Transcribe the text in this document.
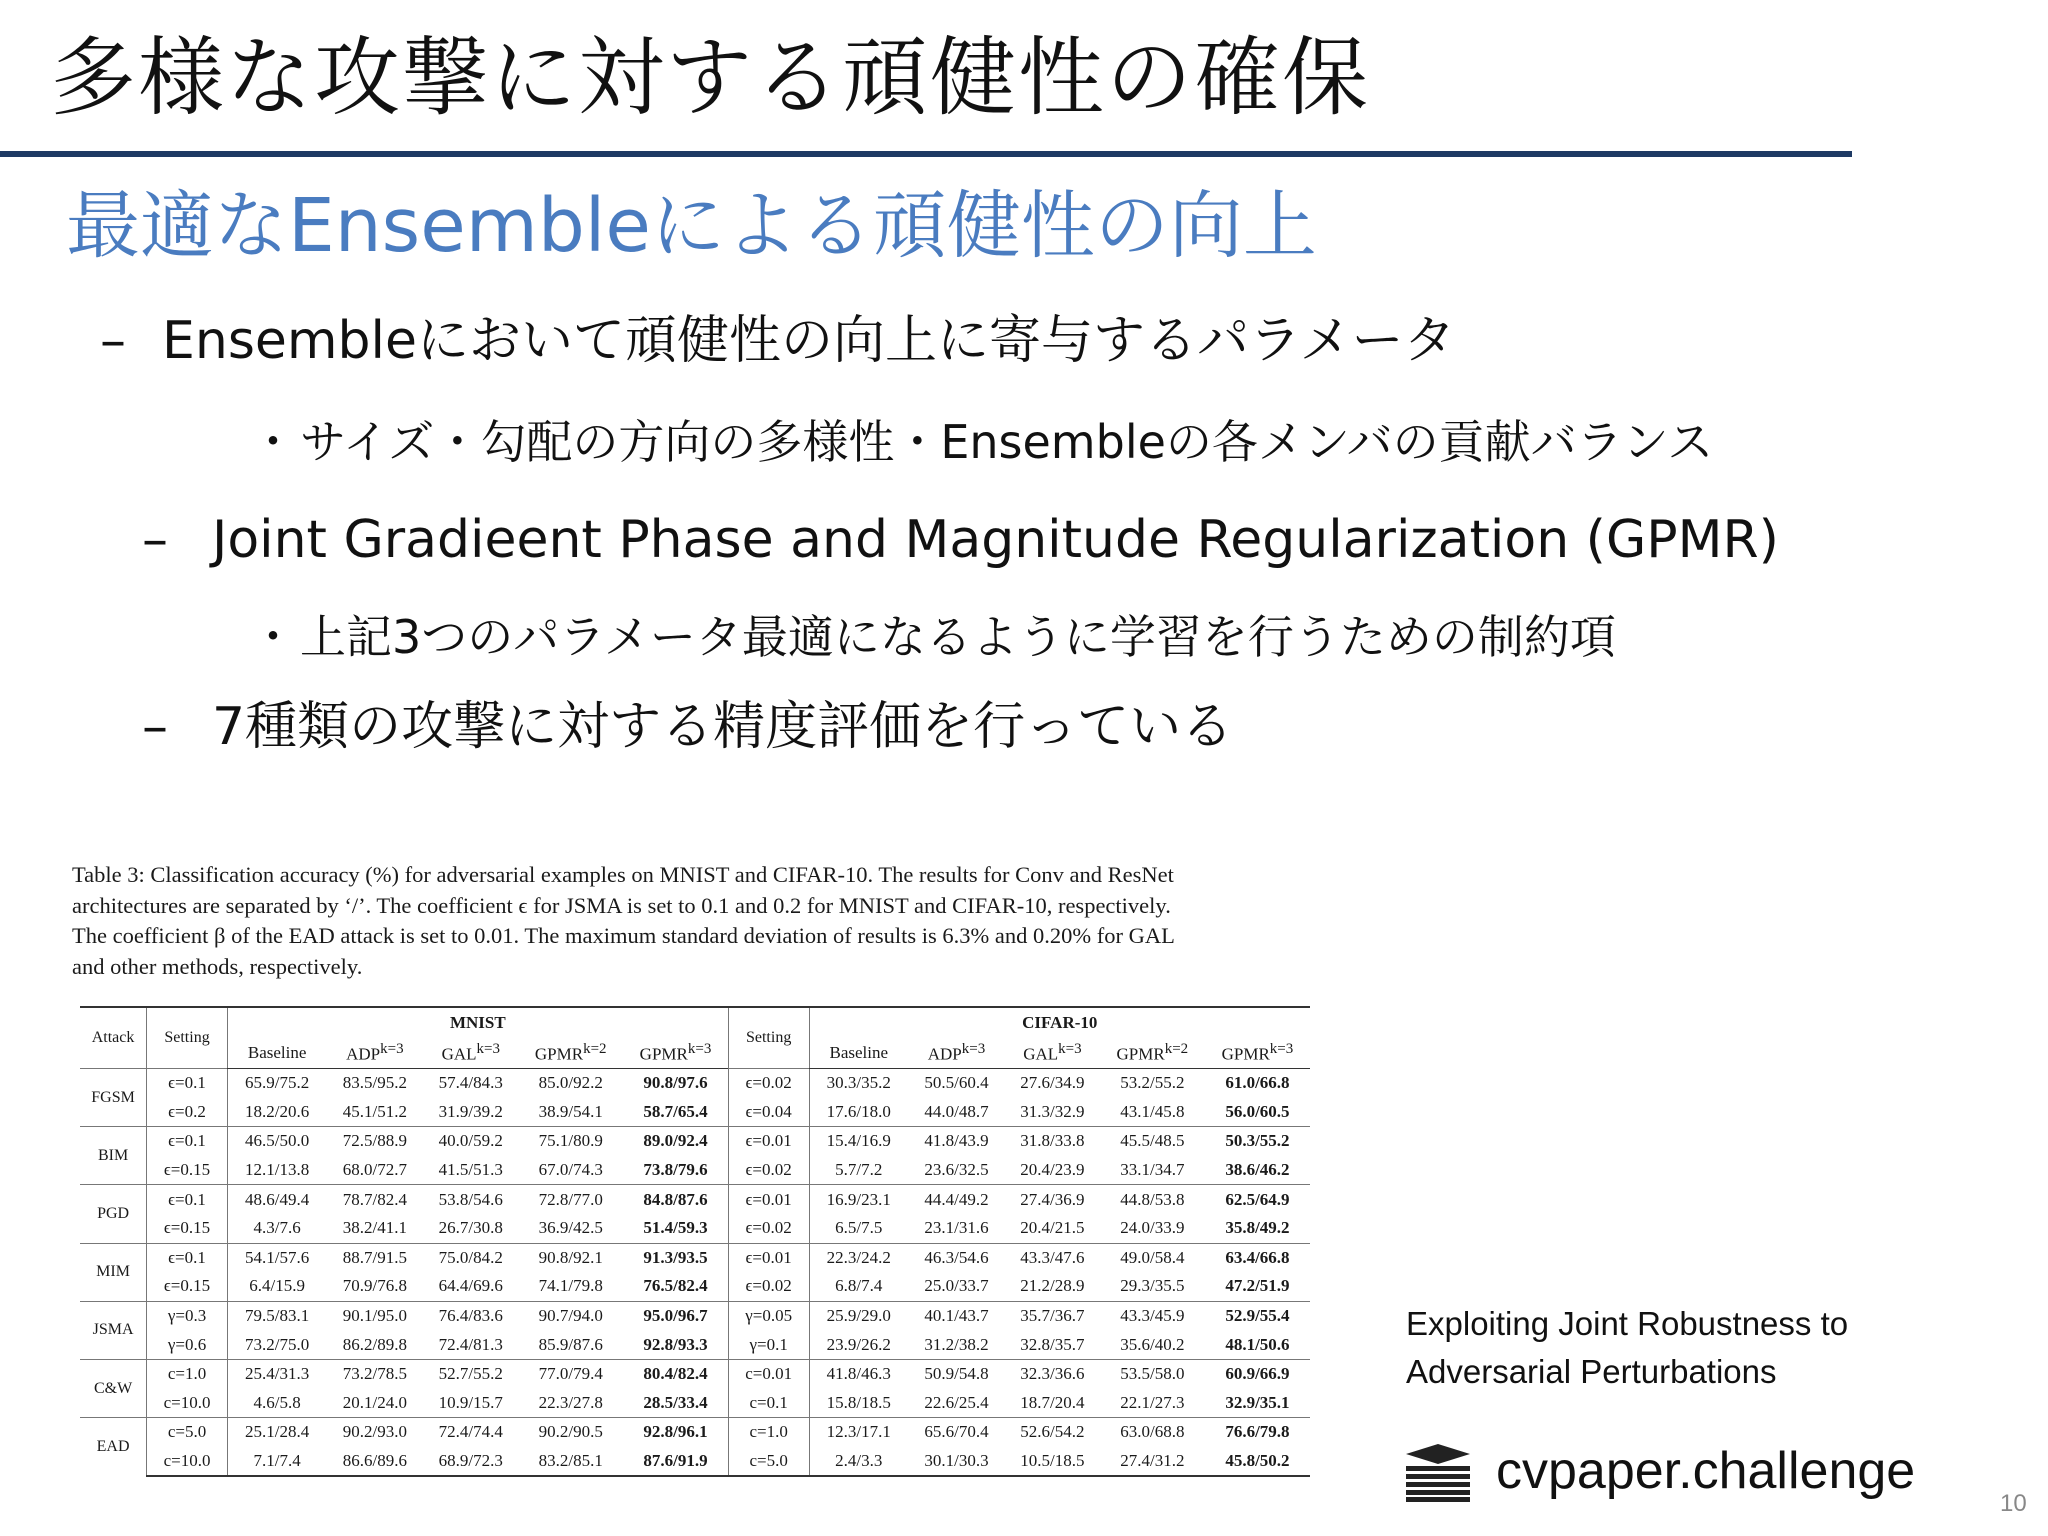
多様な攻撃に対する頑健性の確保
最適なEnsembleによる頑健性の向上
– Ensembleにおいて頑健性の向上に寄与するパラメータ
・サイズ・勾配の方向の多様性・Ensembleの各メンバの貢献バランス
– Joint Gradieent Phase and Magnitude Regularization (GPMR)
・上記3つのパラメータ最適になるように学習を行うための制約項
– 7種類の攻撃に対する精度評価を行っている

Table 3: Classification accuracy (%) for adversarial examples on MNIST and CIFAR-10. The results for Conv and ResNet

architectures are separated by ‘/’. The coefficient ϵ for JSMA is set to 0.1 and 0.2 for MNIST and CIFAR-10, respectively.

The coefficient β of the EAD attack is set to 0.01. The maximum standard deviation of results is 6.3% and 0.20% for GAL

and other methods, respectively.

Attack	Setting	MNIST					Setting	CIFAR-10				
		Baseline	$ADP^{k=3}$	$GAL^{k=3}$	$GPMR^{k=2}$	$GPMR^{k=3}$		Baseline	$ADP^{k=3}$	$GAL^{k=3}$	$GPMR^{k=2}$	$GPMR^{k=3}$
FGSM	ϵ=0.1	65.9/75.2	83.5/95.2	57.4/84.3	85.0/92.2	90.8/97.6	ϵ=0.02	30.3/35.2	50.5/60.4	27.6/34.9	53.2/55.2	61.0/66.8
	ϵ=0.2	18.2/20.6	45.1/51.2	31.9/39.2	38.9/54.1	58.7/65.4	ϵ=0.04	17.6/18.0	44.0/48.7	31.3/32.9	43.1/45.8	56.0/60.5
BIM	ϵ=0.1	46.5/50.0	72.5/88.9	40.0/59.2	75.1/80.9	89.0/92.4	ϵ=0.01	15.4/16.9	41.8/43.9	31.8/33.8	45.5/48.5	50.3/55.2
	ϵ=0.15	12.1/13.8	68.0/72.7	41.5/51.3	67.0/74.3	73.8/79.6	ϵ=0.02	5.7/7.2	23.6/32.5	20.4/23.9	33.1/34.7	38.6/46.2
PGD	ϵ=0.1	48.6/49.4	78.7/82.4	53.8/54.6	72.8/77.0	84.8/87.6	ϵ=0.01	16.9/23.1	44.4/49.2	27.4/36.9	44.8/53.8	62.5/64.9
	ϵ=0.15	4.3/7.6	38.2/41.1	26.7/30.8	36.9/42.5	51.4/59.3	ϵ=0.02	6.5/7.5	23.1/31.6	20.4/21.5	24.0/33.9	35.8/49.2
MIM	ϵ=0.1	54.1/57.6	88.7/91.5	75.0/84.2	90.8/92.1	91.3/93.5	ϵ=0.01	22.3/24.2	46.3/54.6	43.3/47.6	49.0/58.4	63.4/66.8
	ϵ=0.15	6.4/15.9	70.9/76.8	64.4/69.6	74.1/79.8	76.5/82.4	ϵ=0.02	6.8/7.4	25.0/33.7	21.2/28.9	29.3/35.5	47.2/51.9
JSMA	γ=0.3	79.5/83.1	90.1/95.0	76.4/83.6	90.7/94.0	95.0/96.7	γ=0.05	25.9/29.0	40.1/43.7	35.7/36.7	43.3/45.9	52.9/55.4
	γ=0.6	73.2/75.0	86.2/89.8	72.4/81.3	85.9/87.6	92.8/93.3	γ=0.1	23.9/26.2	31.2/38.2	32.8/35.7	35.6/40.2	48.1/50.6
C&W	c=1.0	25.4/31.3	73.2/78.5	52.7/55.2	77.0/79.4	80.4/82.4	c=0.01	41.8/46.3	50.9/54.8	32.3/36.6	53.5/58.0	60.9/66.9
	c=10.0	4.6/5.8	20.1/24.0	10.9/15.7	22.3/27.8	28.5/33.4	c=0.1	15.8/18.5	22.6/25.4	18.7/20.4	22.1/27.3	32.9/35.1
EAD	c=5.0	25.1/28.4	90.2/93.0	72.4/74.4	90.2/90.5	92.8/96.1	c=1.0	12.3/17.1	65.6/70.4	52.6/54.2	63.0/68.8	76.6/79.8
	c=10.0	7.1/7.4	86.6/89.6	68.9/72.3	83.2/85.1	87.6/91.9	c=5.0	2.4/3.3	30.1/30.3	10.5/18.5	27.4/31.2	45.8/50.2
Exploiting Joint Robustness to
Adversarial Perturbations
cvpaper.challenge
10
